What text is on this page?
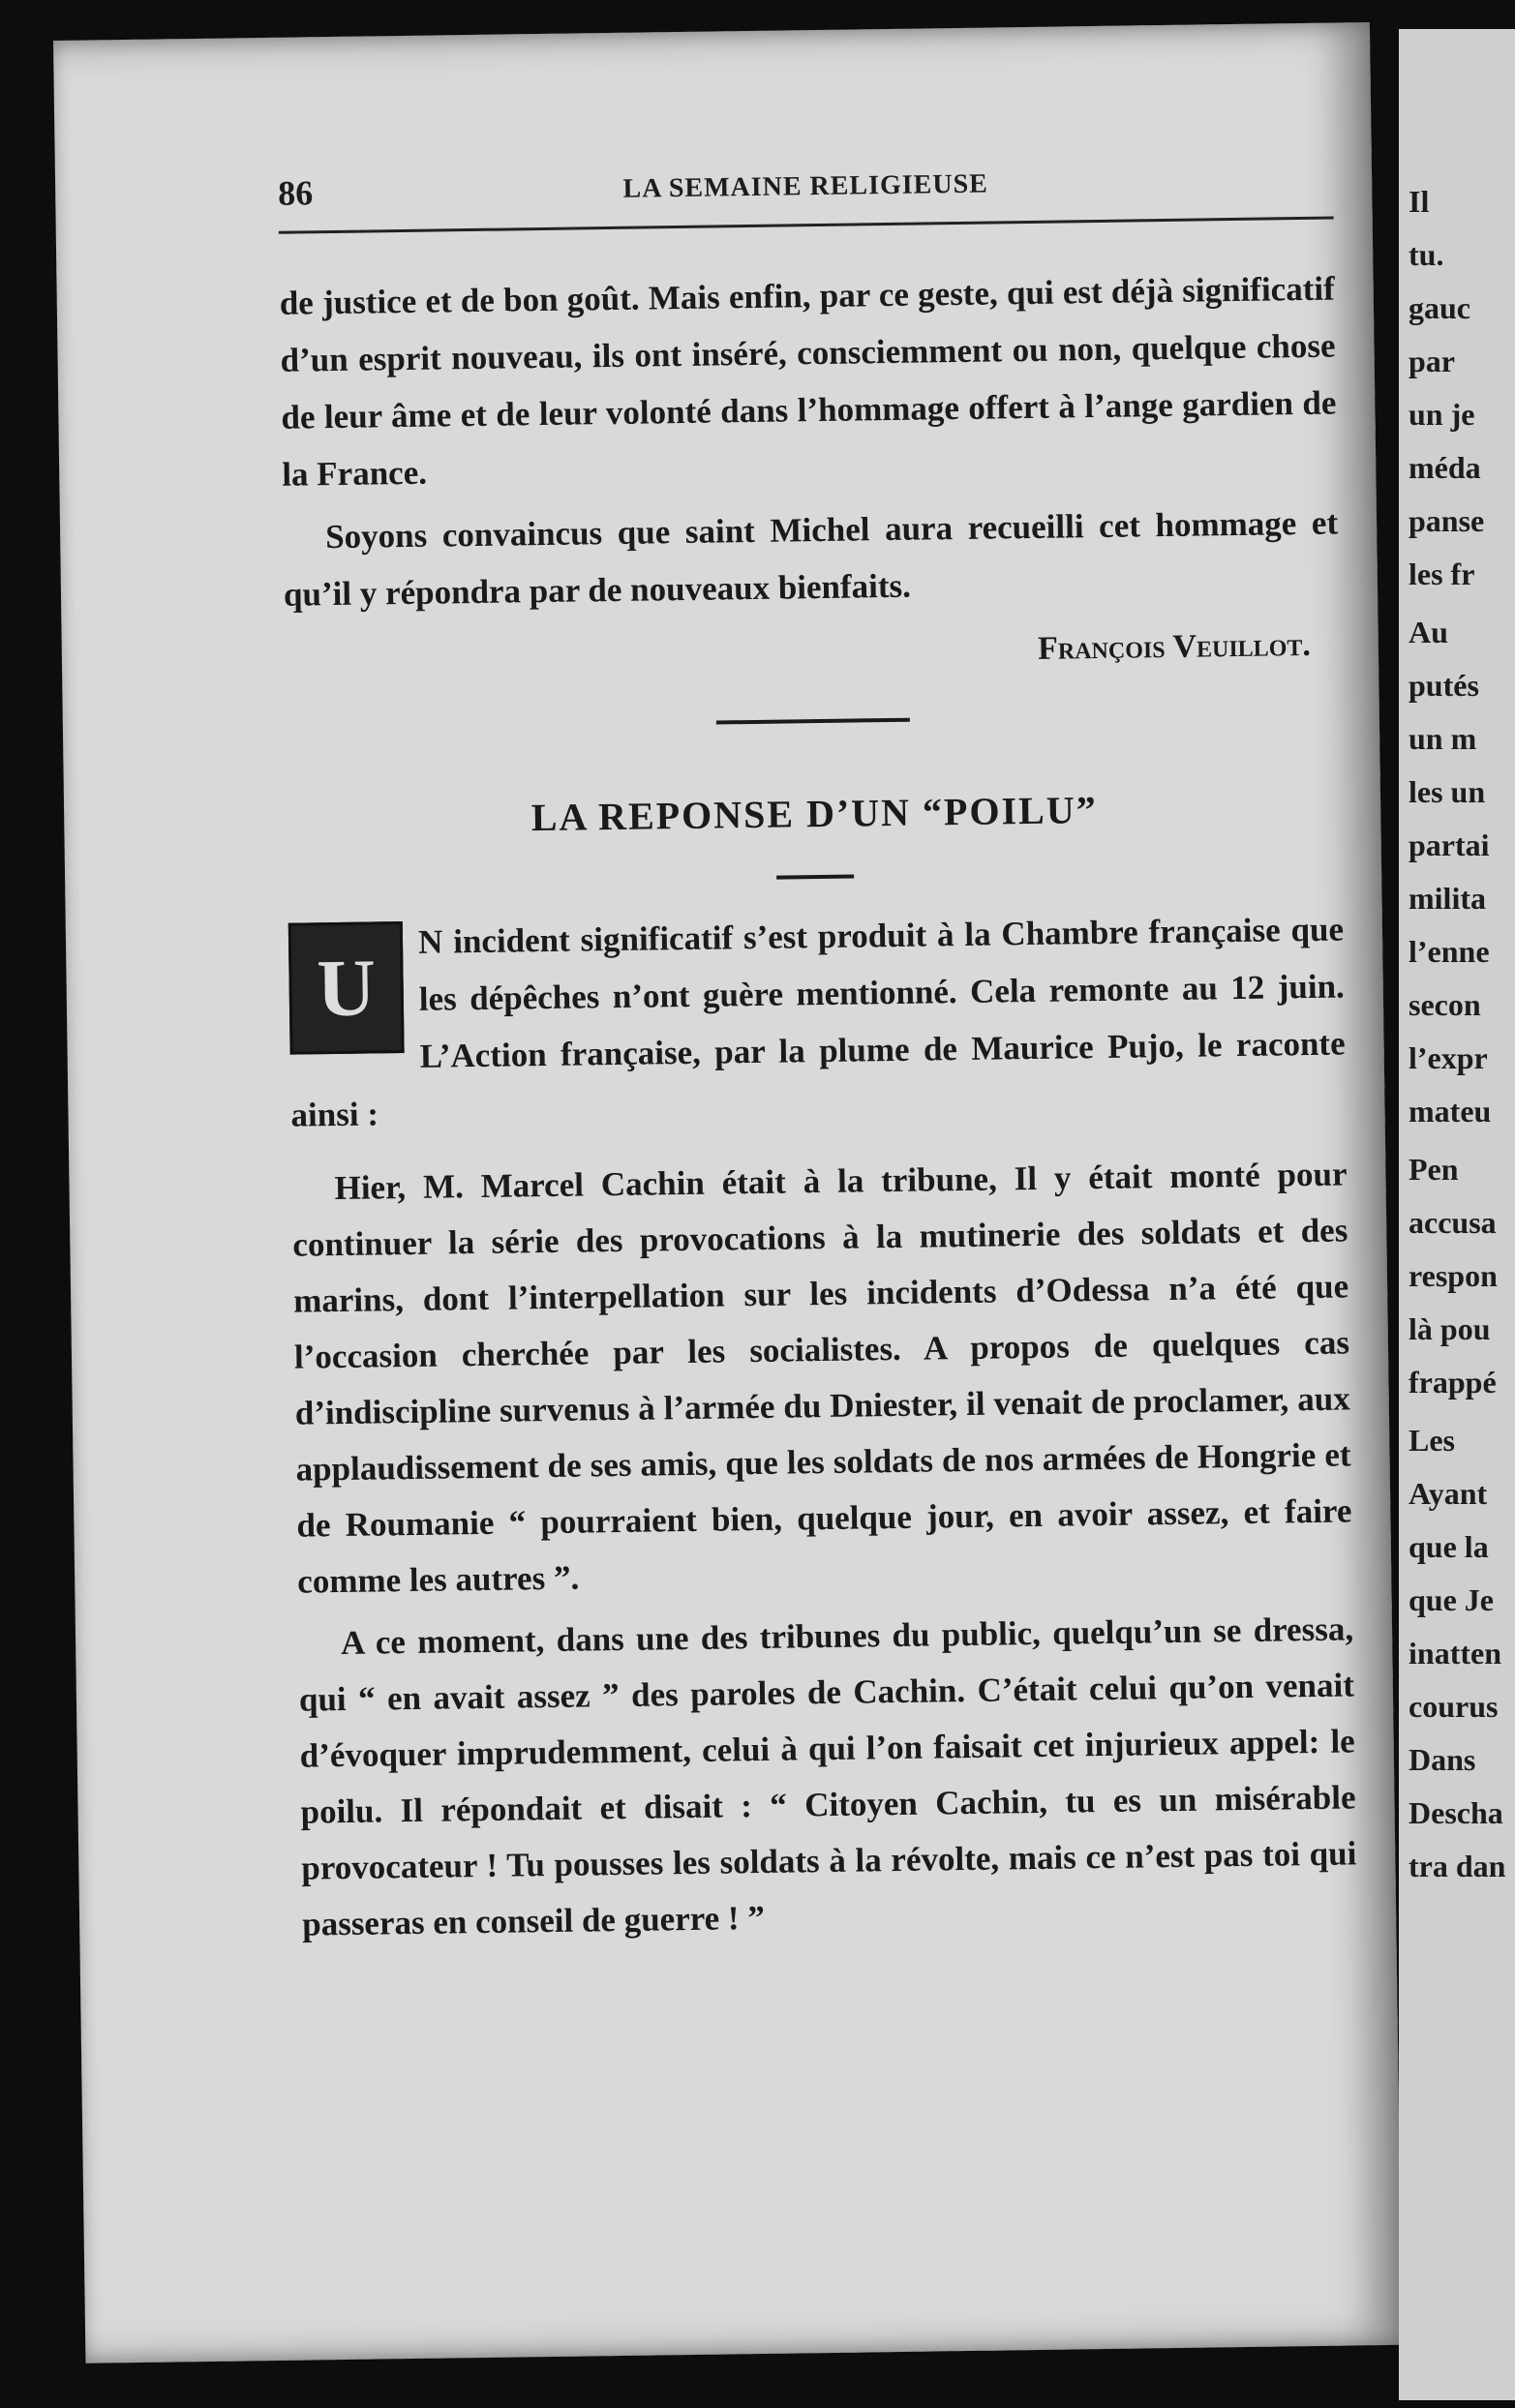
86	LA SEMAINE RELIGIEUSE

de justice et de bon goût. Mais enfin, par ce geste, qui est déjà significatif d’un esprit nouveau, ils ont inséré, consciemment ou non, quelque chose de leur âme et de leur volonté dans l’hommage offert à l’ange gardien de la France.

Soyons convaincus que saint Michel aura recueilli cet hommage et qu’il y répondra par de nouveaux bienfaits.

François Veuillot.
LA REPONSE D’UN “POILU”
U

N incident significatif s’est produit à la Chambre française que les dépêches n’ont guère mentionné. Cela remonte au 12 juin. L’Action française, par la plume de Maurice Pujo, le raconte ainsi :

Hier, M. Marcel Cachin était à la tribune, Il y était monté pour continuer la série des provocations à la mutinerie des soldats et des marins, dont l’interpellation sur les incidents d’Odessa n’a été que l’occasion cherchée par les socialistes. A propos de quelques cas d’indiscipline survenus à l’armée du Dniester, il venait de proclamer, aux applaudissement de ses amis, que les soldats de nos armées de Hongrie et de Roumanie “ pourraient bien, quelque jour, en avoir assez, et faire comme les autres ”.

A ce moment, dans une des tribunes du public, quelqu’un se dressa, qui “ en avait assez ” des paroles de Cachin. C’était celui qu’on venait d’évoquer imprudemment, celui à qui l’on faisait cet injurieux appel: le poilu. Il répondait et disait : “ Citoyen Cachin, tu es un misérable provocateur ! Tu pousses les soldats à la révolte, mais ce n’est pas toi qui passeras en conseil de guerre ! ”

Il
tu.
gauc
par
un je
méda
panse
les fr
Au
putés
un m
les un
partai
milita
l’enne
secon
l’expr
mateu
Pen
accusa
respon
là pou
frappé
Les
Ayant
que la
que Je
inatten
courus
Dans
Descha
tra dan
